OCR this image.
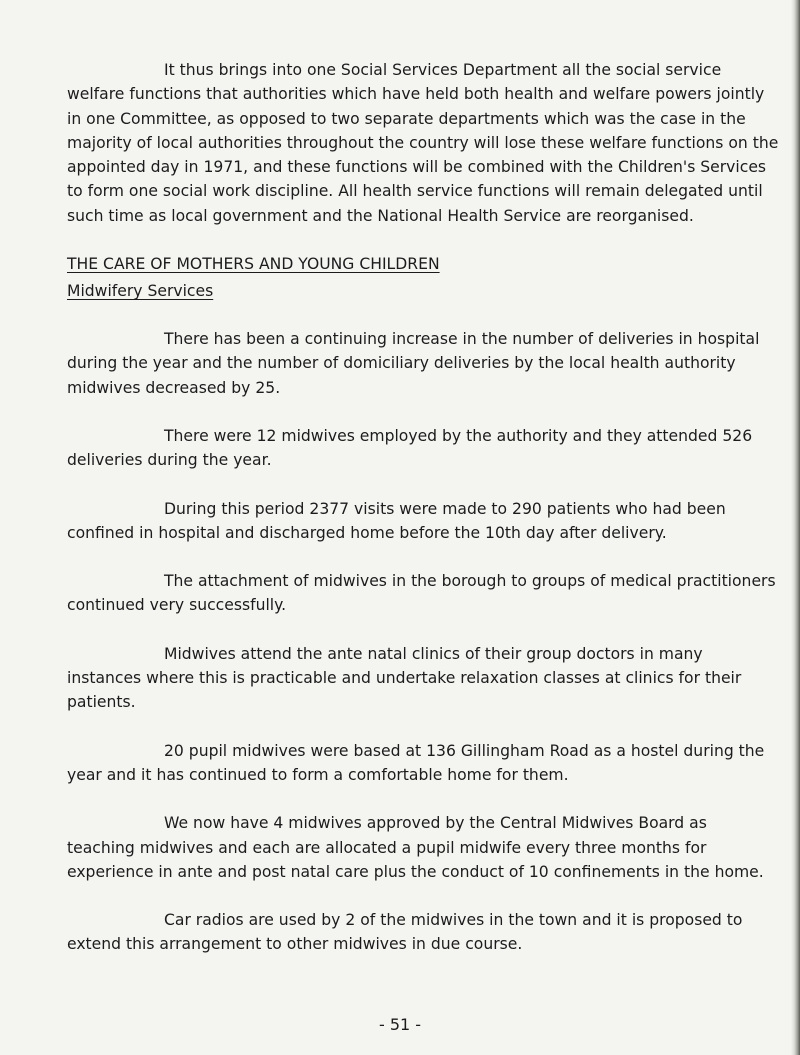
It thus brings into one Social Services Department all the social service welfare functions that authorities which have held both health and welfare powers jointly in one Committee, as opposed to two separate departments which was the case in the majority of local authorities throughout the country will lose these welfare functions on the appointed day in 1971, and these functions will be combined with the Children's Services to form one social work discipline. All health service functions will remain delegated until such time as local government and the National Health Service are reorganised.

THE CARE OF MOTHERS AND YOUNG CHILDREN
Midwifery Services

There has been a continuing increase in the number of deliveries in hospital during the year and the number of domiciliary deliveries by the local health authority midwives decreased by 25.

There were 12 midwives employed by the authority and they attended 526 deliveries during the year.

During this period 2377 visits were made to 290 patients who had been confined in hospital and discharged home before the 10th day after delivery.

The attachment of midwives in the borough to groups of medical practitioners continued very successfully.

Midwives attend the ante natal clinics of their group doctors in many instances where this is practicable and undertake relaxation classes at clinics for their patients.

20 pupil midwives were based at 136 Gillingham Road as a hostel during the year and it has continued to form a comfortable home for them.

We now have 4 midwives approved by the Central Midwives Board as teaching midwives and each are allocated a pupil midwife every three months for experience in ante and post natal care plus the conduct of 10 confinements in the home.

Car radios are used by 2 of the midwives in the town and it is proposed to extend this arrangement to other midwives in due course.

- 51 -
